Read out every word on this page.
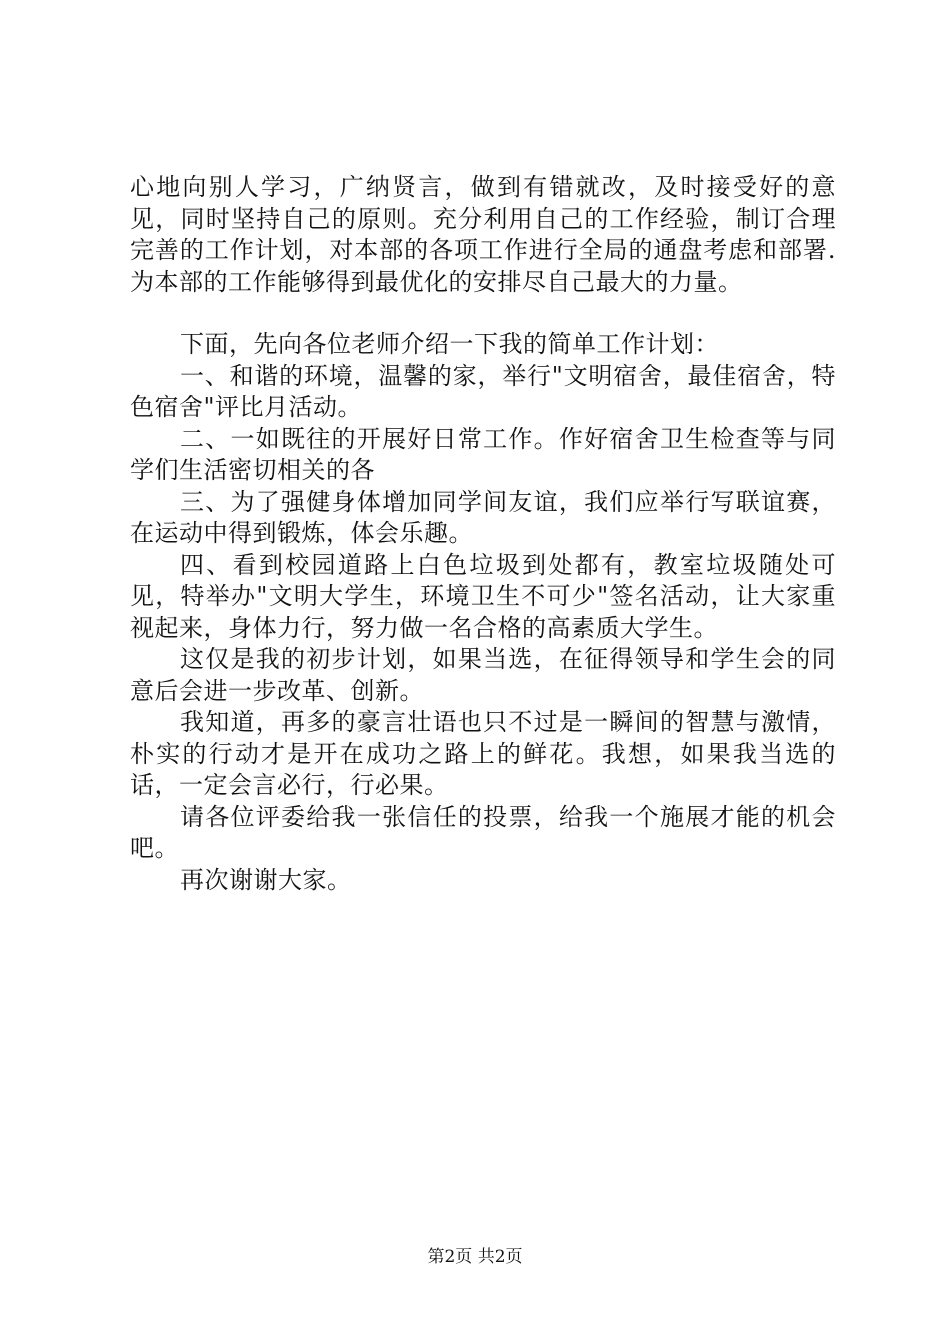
心地向别人学习，广纳贤言，做到有错就改，及时接受好的意见，同时坚持自己的原则。充分利用自己的工作经验，制订合理完善的工作计划，对本部的各项工作进行全局的通盘考虑和部署.为本部的工作能够得到最优化的安排尽自己最大的力量。

下面，先向各位老师介绍一下我的简单工作计划：

一、和谐的环境，温馨的家，举行"文明宿舍，最佳宿舍，特色宿舍"评比月活动。

二、一如既往的开展好日常工作。作好宿舍卫生检查等与同学们生活密切相关的各

三、为了强健身体增加同学间友谊，我们应举行写联谊赛，在运动中得到锻炼，体会乐趣。

四、看到校园道路上白色垃圾到处都有，教室垃圾随处可见，特举办"文明大学生，环境卫生不可少"签名活动，让大家重视起来，身体力行，努力做一名合格的高素质大学生。

这仅是我的初步计划，如果当选，在征得领导和学生会的同意后会进一步改革、创新。

我知道，再多的豪言壮语也只不过是一瞬间的智慧与激情，朴实的行动才是开在成功之路上的鲜花。我想，如果我当选的话，一定会言必行，行必果。

请各位评委给我一张信任的投票，给我一个施展才能的机会吧。

再次谢谢大家。

第2页 共2页
